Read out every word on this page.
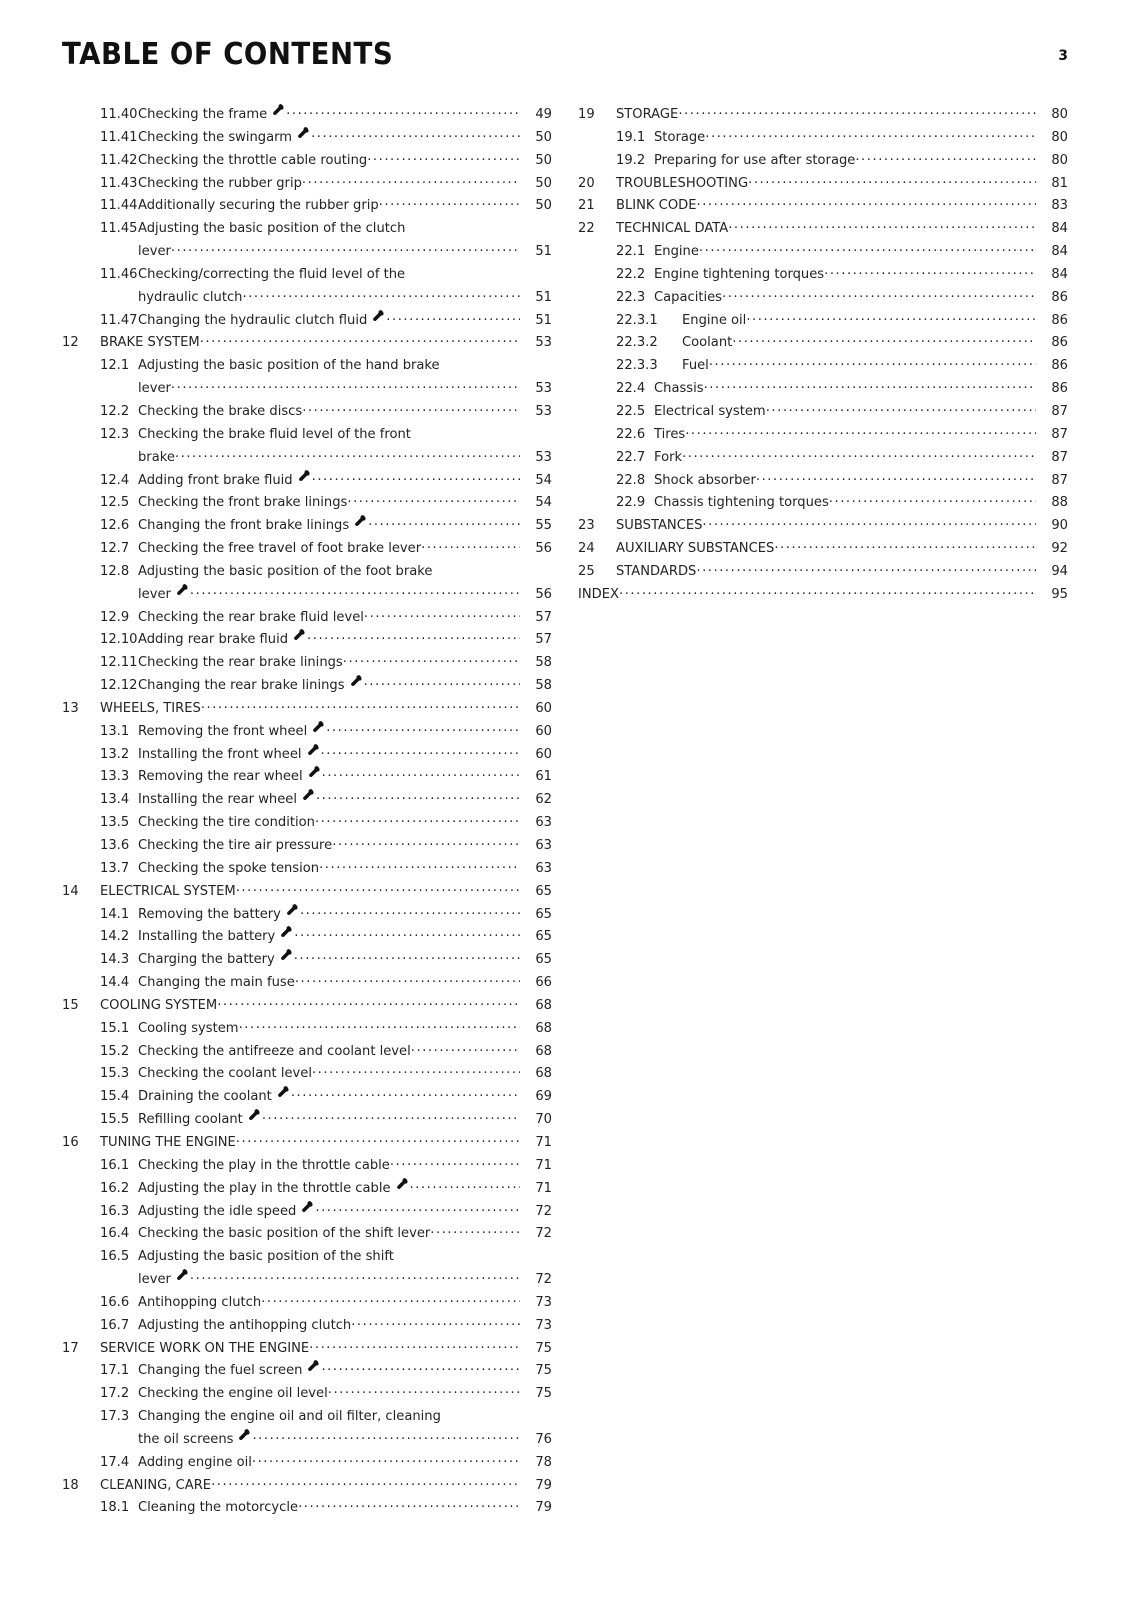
TABLE OF CONTENTS	3
11.40 Checking the frame .....	49
11.41 Checking the swingarm .....	50
11.42 Checking the throttle cable routing .....	50
11.43 Checking the rubber grip .....	50
11.44 Additionally securing the rubber grip .....	50
11.45 Adjusting the basic position of the clutch
lever .....	51
11.46 Checking/correcting the fluid level of the
hydraulic clutch .....	51
11.47 Changing the hydraulic clutch fluid .....	51
12	BRAKE SYSTEM .....	53
12.1 Adjusting the basic position of the hand brake
lever .....	53
12.2 Checking the brake discs .....	53
12.3 Checking the brake fluid level of the front
brake .....	53
12.4 Adding front brake fluid .....	54
12.5 Checking the front brake linings .....	54
12.6 Changing the front brake linings .....	55
12.7 Checking the free travel of foot brake lever .....	56
12.8 Adjusting the basic position of the foot brake
lever .....	56
12.9 Checking the rear brake fluid level .....	57
12.10 Adding rear brake fluid .....	57
12.11 Checking the rear brake linings .....	58
12.12 Changing the rear brake linings .....	58
13	WHEELS, TIRES .....	60
13.1 Removing the front wheel .....	60
13.2 Installing the front wheel .....	60
13.3 Removing the rear wheel .....	61
13.4 Installing the rear wheel .....	62
13.5 Checking the tire condition .....	63
13.6 Checking the tire air pressure .....	63
13.7 Checking the spoke tension .....	63
14	ELECTRICAL SYSTEM .....	65
14.1 Removing the battery .....	65
14.2 Installing the battery .....	65
14.3 Charging the battery .....	65
14.4 Changing the main fuse .....	66
15	COOLING SYSTEM .....	68
15.1 Cooling system .....	68
15.2 Checking the antifreeze and coolant level .....	68
15.3 Checking the coolant level .....	68
15.4 Draining the coolant .....	69
15.5 Refilling coolant .....	70
16	TUNING THE ENGINE .....	71
16.1 Checking the play in the throttle cable .....	71
16.2 Adjusting the play in the throttle cable .....	71
16.3 Adjusting the idle speed .....	72
16.4 Checking the basic position of the shift lever .....	72
16.5 Adjusting the basic position of the shift
lever .....	72
16.6 Antihopping clutch .....	73
16.7 Adjusting the antihopping clutch .....	73
17	SERVICE WORK ON THE ENGINE .....	75
17.1 Changing the fuel screen .....	75
17.2 Checking the engine oil level .....	75
17.3 Changing the engine oil and oil filter, cleaning
the oil screens .....	76
17.4 Adding engine oil .....	78
18	CLEANING, CARE .....	79
18.1 Cleaning the motorcycle .....	79
19	STORAGE .....	80
19.1 Storage .....	80
19.2 Preparing for use after storage .....	80
20	TROUBLESHOOTING .....	81
21	BLINK CODE .....	83
22	TECHNICAL DATA .....	84
22.1 Engine .....	84
22.2 Engine tightening torques .....	84
22.3 Capacities .....	86
22.3.1	Engine oil .....	86
22.3.2	Coolant .....	86
22.3.3	Fuel .....	86
22.4 Chassis .....	86
22.5 Electrical system .....	87
22.6 Tires .....	87
22.7 Fork .....	87
22.8 Shock absorber .....	87
22.9 Chassis tightening torques .....	88
23	SUBSTANCES .....	90
24	AUXILIARY SUBSTANCES .....	92
25	STANDARDS .....	94
INDEX .....	95
